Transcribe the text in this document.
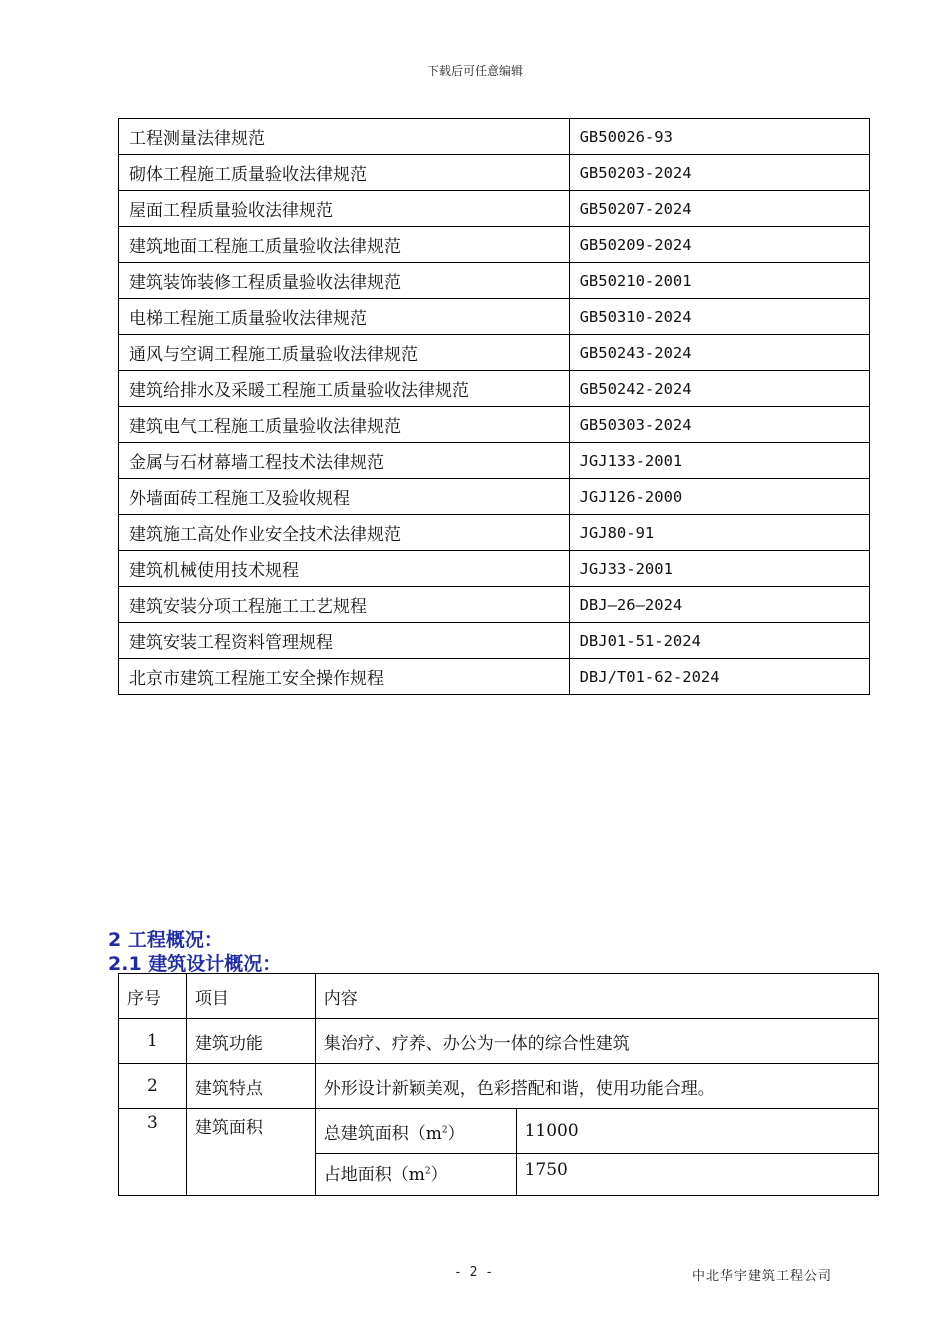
下载后可任意编辑
工程测量法律规范	GB50026-93
砌体工程施工质量验收法律规范	GB50203-2024
屋面工程质量验收法律规范	GB50207-2024
建筑地面工程施工质量验收法律规范	GB50209-2024
建筑装饰装修工程质量验收法律规范	GB50210-2001
电梯工程施工质量验收法律规范	GB50310-2024
通风与空调工程施工质量验收法律规范	GB50243-2024
建筑给排水及采暖工程施工质量验收法律规范	GB50242-2024
建筑电气工程施工质量验收法律规范	GB50303-2024
金属与石材幕墙工程技术法律规范	JGJ133-2001
外墙面砖工程施工及验收规程	JGJ126-2000
建筑施工高处作业安全技术法律规范	JGJ80-91
建筑机械使用技术规程	JGJ33-2001
建筑安装分项工程施工工艺规程	DBJ—26—2024
建筑安装工程资料管理规程	DBJ01-51-2024
北京市建筑工程施工安全操作规程	DBJ/T01-62-2024
2 工程概况：
2.1 建筑设计概况：
序号	项目	内容	
1	建筑功能	集治疗、疗养、办公为一体的综合性建筑	
2	建筑特点	外形设计新颖美观，色彩搭配和谐，使用功能合理。	
3	建筑面积	总建筑面积$(m^2)$	11000
		占地面积$(m^2)$	1750
- 2 -	中北华宇建筑工程公司
